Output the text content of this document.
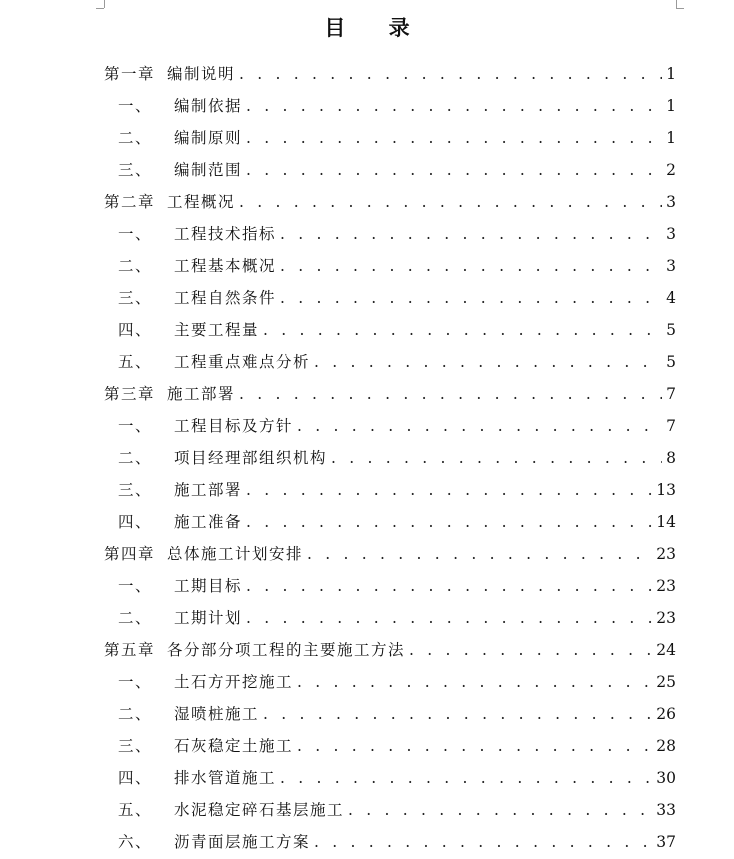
目 录
第一章 编制说明 . . .	1
一、	编制依据 . . .	1
二、	编制原则 . . .	1
三、	编制范围 . . .	2
第二章 工程概况 . . .	3
一、	工程技术指标 . . .	3
二、	工程基本概况 . . .	3
三、	工程自然条件 . . .	4
四、	主要工程量 . . .	5
五、	工程重点难点分析 . . .	5
第三章 施工部署 . . .	7
一、	工程目标及方针 . . .	7
二、	项目经理部组织机构 . . .	8
三、	施工部署 . . .	13
四、	施工准备 . . .	14
第四章 总体施工计划安排 . . .	23
一、	工期目标 . . .	23
二、	工期计划 . . .	23
第五章 各分部分项工程的主要施工方法 . . .	24
一、	土石方开挖施工 . . .	25
二、	湿喷桩施工 . . .	26
三、	石灰稳定土施工 . . .	28
四、	排水管道施工 . . .	30
五、	水泥稳定碎石基层施工 . . .	33
六、	沥青面层施工方案 . . .	37
